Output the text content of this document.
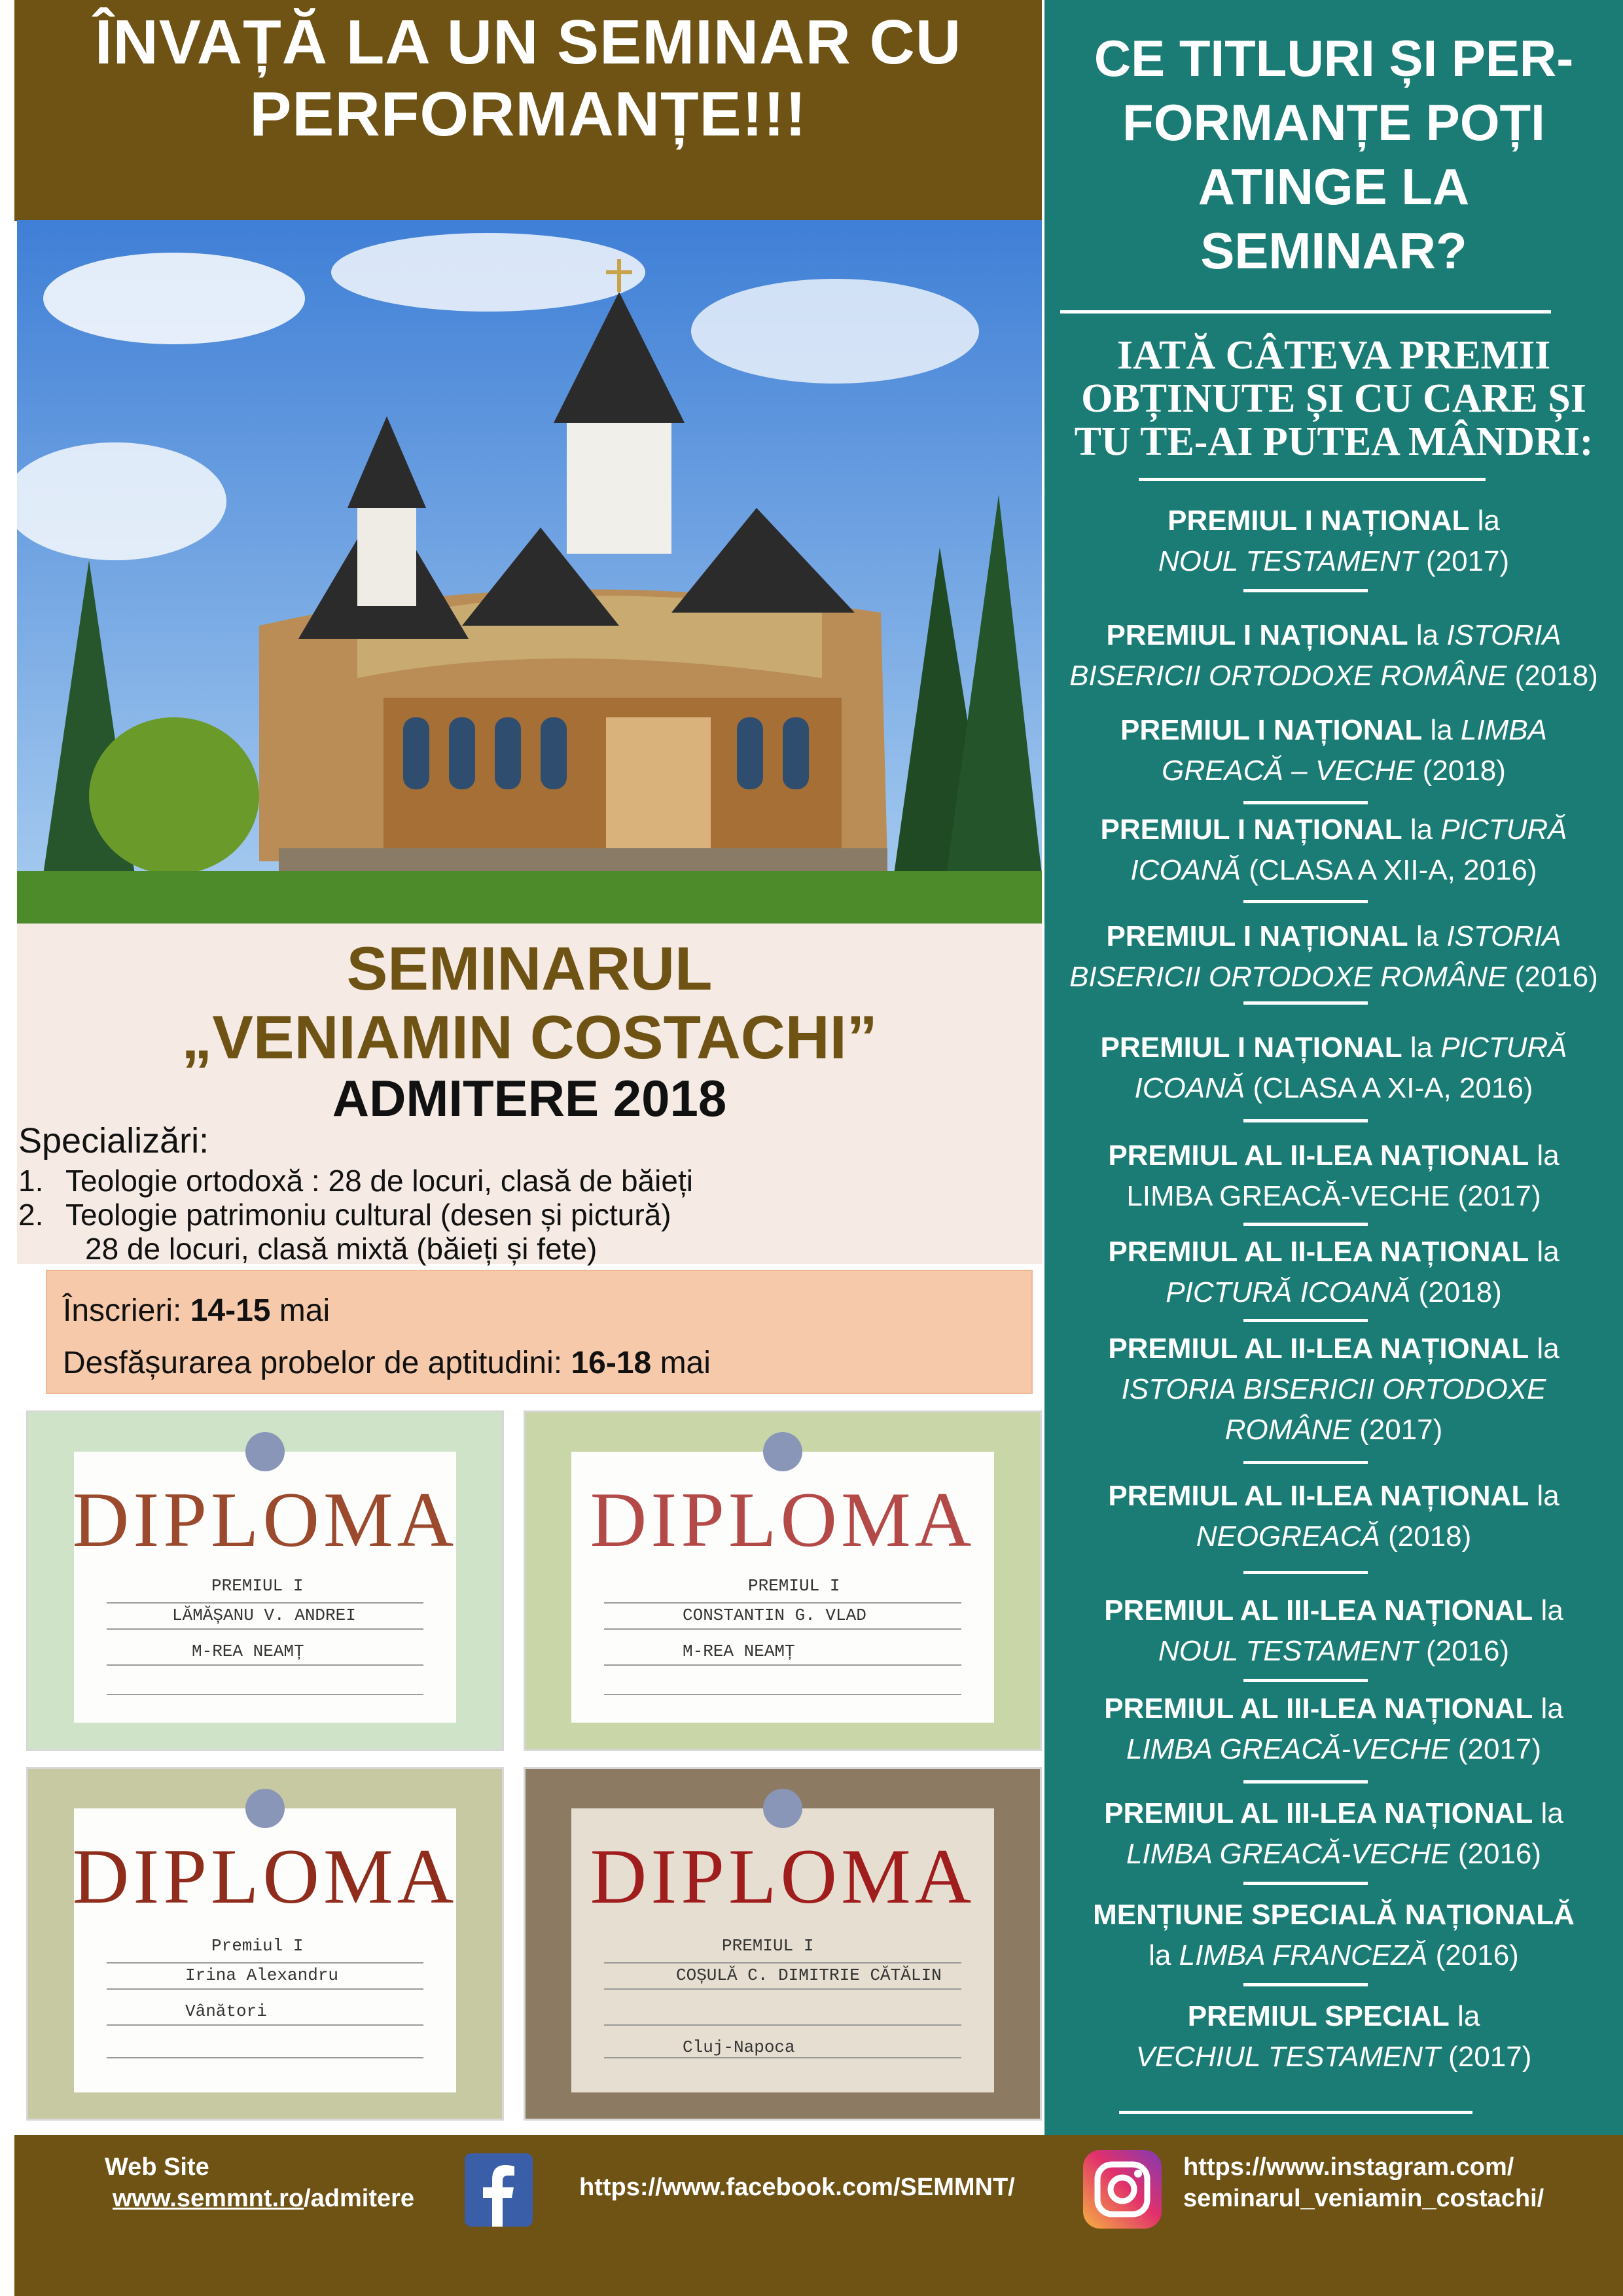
ÎNVAȚĂ LA UN SEMINAR CU
PERFORMANȚE!!!
SEMINARUL
„VENIAMIN COSTACHI”
ADMITERE 2018
Specializări:
1. Teologie ortodoxă : 28 de locuri, clasă de băieți
2. Teologie patrimoniu cultural (desen și pictură)
28 de locuri, clasă mixtă (băieți și fete)
Înscrieri: 14-15 mai
Desfășurarea probelor de aptitudini: 16-18 mai
DIPLOMA
PREMIUL I
LĂMĂȘANU V. ANDREI
M-REA NEAMȚ
DIPLOMA
PREMIUL I
CONSTANTIN G. VLAD
M-REA NEAMȚ
DIPLOMA
Premiul I
Irina Alexandru
Vânători
DIPLOMA
PREMIUL I
COȘULĂ C. DIMITRIE CĂTĂLIN
Cluj-Napoca
CE TITLURI ȘI PER-
FORMANȚE POȚI
ATINGE LA
SEMINAR?
IATĂ CÂTEVA PREMII
OBȚINUTE ȘI CU CARE ȘI
TU TE-AI PUTEA MÂNDRI:
PREMIUL I NAȚIONAL la
NOUL TESTAMENT (2017)
PREMIUL I NAȚIONAL la ISTORIA
BISERICII ORTODOXE ROMÂNE (2018)
PREMIUL I NAȚIONAL la LIMBA
GREACĂ – VECHE (2018)
PREMIUL I NAȚIONAL la PICTURĂ
ICOANĂ (CLASA A XII-A, 2016)
PREMIUL I NAȚIONAL la ISTORIA
BISERICII ORTODOXE ROMÂNE (2016)
PREMIUL I NAȚIONAL la PICTURĂ
ICOANĂ (CLASA A XI-A, 2016)
PREMIUL AL II-LEA NAȚIONAL la
LIMBA GREACĂ-VECHE (2017)
PREMIUL AL II-LEA NAȚIONAL la
PICTURĂ ICOANĂ (2018)
PREMIUL AL II-LEA NAȚIONAL la
ISTORIA BISERICII ORTODOXE
ROMÂNE (2017)
PREMIUL AL II-LEA NAȚIONAL la
NEOGREACĂ (2018)
PREMIUL AL III-LEA NAȚIONAL la
NOUL TESTAMENT (2016)
PREMIUL AL III-LEA NAȚIONAL la
LIMBA GREACĂ-VECHE (2017)
PREMIUL AL III-LEA NAȚIONAL la
LIMBA GREACĂ-VECHE (2016)
MENȚIUNE SPECIALĂ NAȚIONALĂ
la LIMBA FRANCEZĂ (2016)
PREMIUL SPECIAL la
VECHIUL TESTAMENT (2017)
Web Site
www.semmnt.ro/admitere	https://www.facebook.com/SEMMNT/
https://www.instagram.com/
seminarul_veniamin_costachi/
